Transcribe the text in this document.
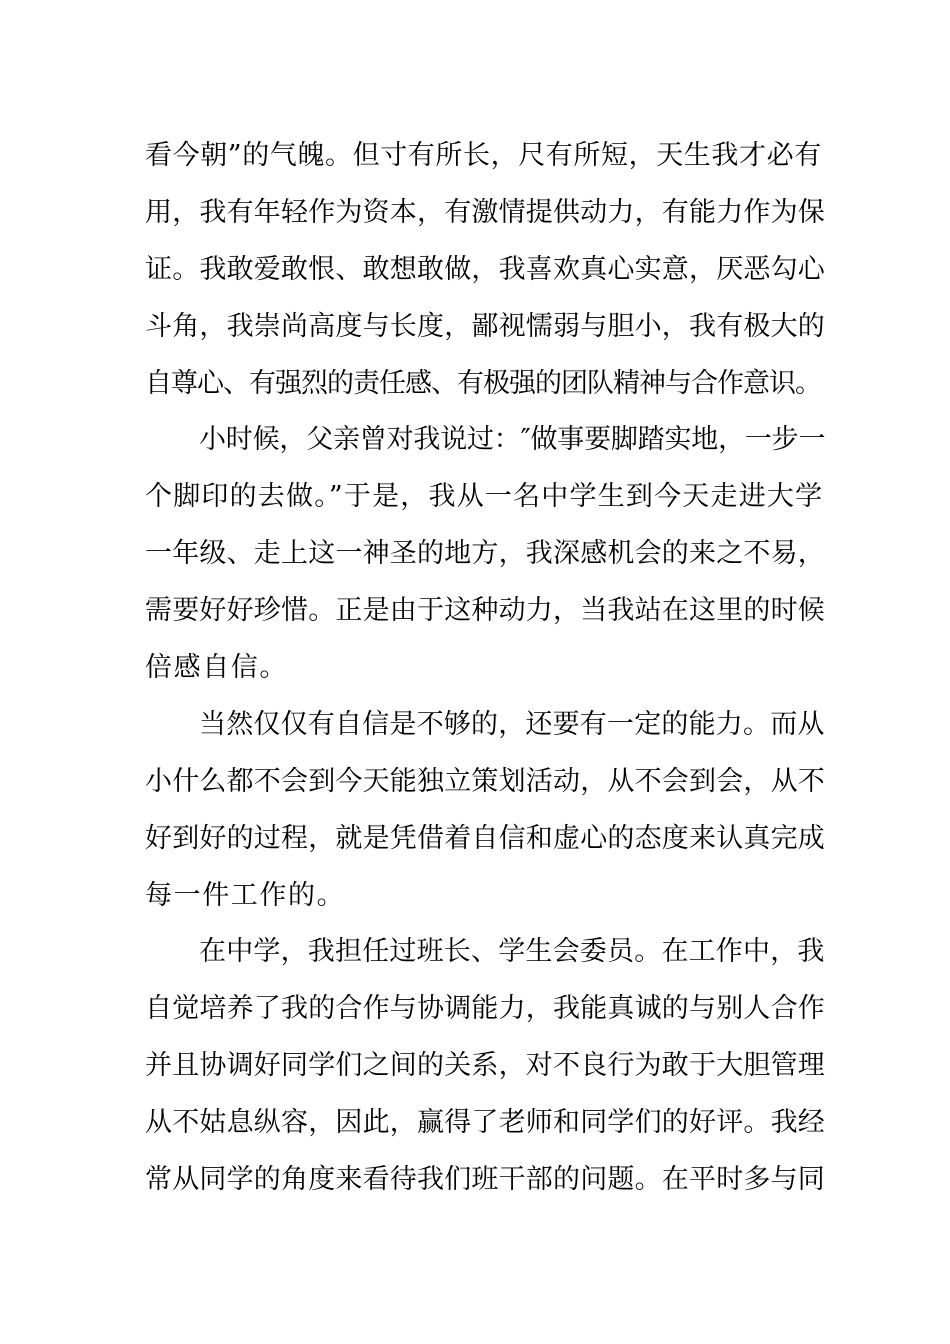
看今朝”的气魄。但寸有所长，尺有所短，天生我才必有
用，我有年轻作为资本，有激情提供动力，有能力作为保
证。我敢爱敢恨、敢想敢做，我喜欢真心实意，厌恶勾心
斗角，我崇尚高度与长度，鄙视懦弱与胆小，我有极大的
自尊心、有强烈的责任感、有极强的团队精神与合作意识。
小时候，父亲曾对我说过：″做事要脚踏实地，一步一
个脚印的去做。”于是，我从一名中学生到今天走进大学
一年级、走上这一神圣的地方，我深感机会的来之不易，
需要好好珍惜。正是由于这种动力，当我站在这里的时候
倍感自信。
当然仅仅有自信是不够的，还要有一定的能力。而从
小什么都不会到今天能独立策划活动，从不会到会，从不
好到好的过程，就是凭借着自信和虚心的态度来认真完成
每一件工作的。
在中学，我担任过班长、学生会委员。在工作中，我
自觉培养了我的合作与协调能力，我能真诚的与别人合作
并且协调好同学们之间的关系，对不良行为敢于大胆管理
从不姑息纵容，因此，赢得了老师和同学们的好评。我经
常从同学的角度来看待我们班干部的问题。在平时多与同
